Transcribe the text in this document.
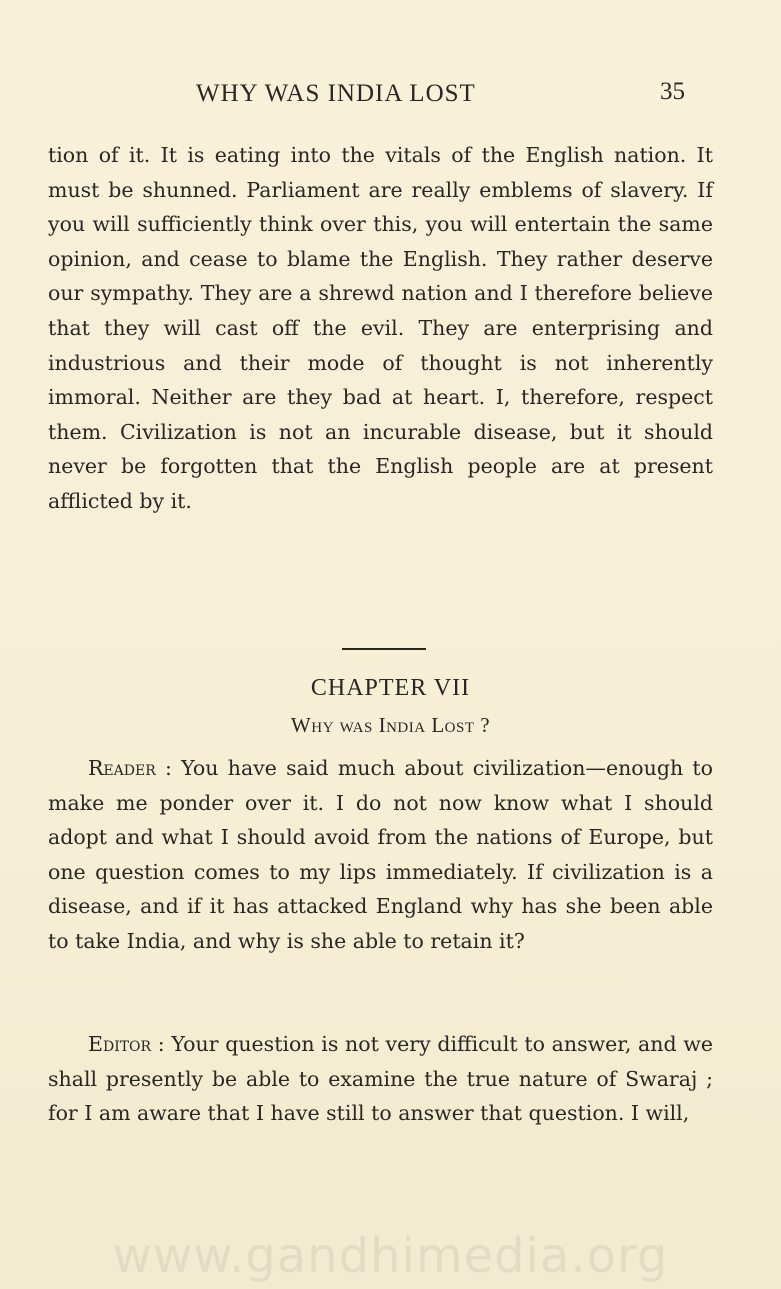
WHY WAS INDIA LOST	35

tion of it. It is eating into the vitals of the English nation. It must be shunned. Parliament are really emblems of slavery. If you will sufficiently think over this, you will entertain the same opinion, and cease to blame the English. They rather deserve our sympathy. They are a shrewd nation and I therefore believe that they will cast off the evil. They are enterprising and industrious and their mode of thought is not inherently immoral. Neither are they bad at heart. I, therefore, respect them. Civilization is not an incurable disease, but it should never be forgotten that the English people are at present afflicted by it.

CHAPTER VII
Why was India Lost ?

Reader : You have said much about civilization—enough to make me ponder over it. I do not now know what I should adopt and what I should avoid from the nations of Europe, but one question comes to my lips immediately. If civilization is a disease, and if it has attacked England why has she been able to take India, and why is she able to retain it?

Editor : Your question is not very difficult to answer, and we shall presently be able to examine the true nature of Swaraj ; for I am aware that I have still to answer that question. I will,

www.gandhimedia.org
